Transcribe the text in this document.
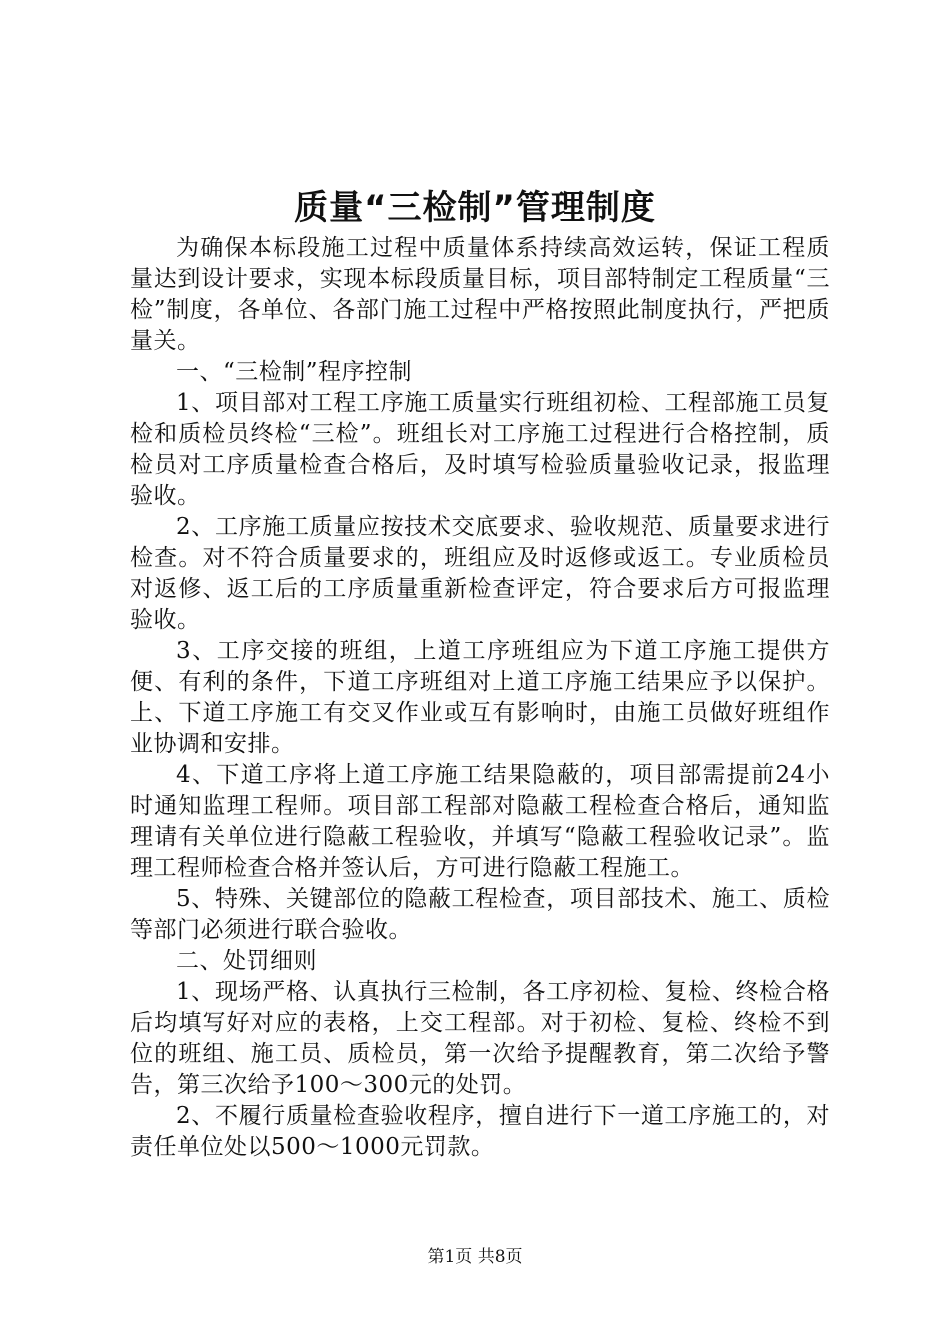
质量“三检制”管理制度

为确保本标段施工过程中质量体系持续高效运转，保证工程质量达到设计要求，实现本标段质量目标，项目部特制定工程质量“三检”制度，各单位、各部门施工过程中严格按照此制度执行，严把质量关。

一、“三检制”程序控制

1、项目部对工程工序施工质量实行班组初检、工程部施工员复检和质检员终检“三检”。班组长对工序施工过程进行合格控制，质检员对工序质量检查合格后，及时填写检验质量验收记录，报监理验收。

2、工序施工质量应按技术交底要求、验收规范、质量要求进行检查。对不符合质量要求的，班组应及时返修或返工。专业质检员对返修、返工后的工序质量重新检查评定，符合要求后方可报监理验收。

3、工序交接的班组，上道工序班组应为下道工序施工提供方便、有利的条件，下道工序班组对上道工序施工结果应予以保护。上、下道工序施工有交叉作业或互有影响时，由施工员做好班组作业协调和安排。

4、下道工序将上道工序施工结果隐蔽的，项目部需提前24小时通知监理工程师。项目部工程部对隐蔽工程检查合格后，通知监理请有关单位进行隐蔽工程验收，并填写“隐蔽工程验收记录”。监理工程师检查合格并签认后，方可进行隐蔽工程施工。

5、特殊、关键部位的隐蔽工程检查，项目部技术、施工、质检等部门必须进行联合验收。

二、处罚细则

1、现场严格、认真执行三检制，各工序初检、复检、终检合格后均填写好对应的表格，上交工程部。对于初检、复检、终检不到位的班组、施工员、质检员，第一次给予提醒教育，第二次给予警告，第三次给予100～300元的处罚。

2、不履行质量检查验收程序，擅自进行下一道工序施工的，对责任单位处以500～1000元罚款。

第1页 共8页
